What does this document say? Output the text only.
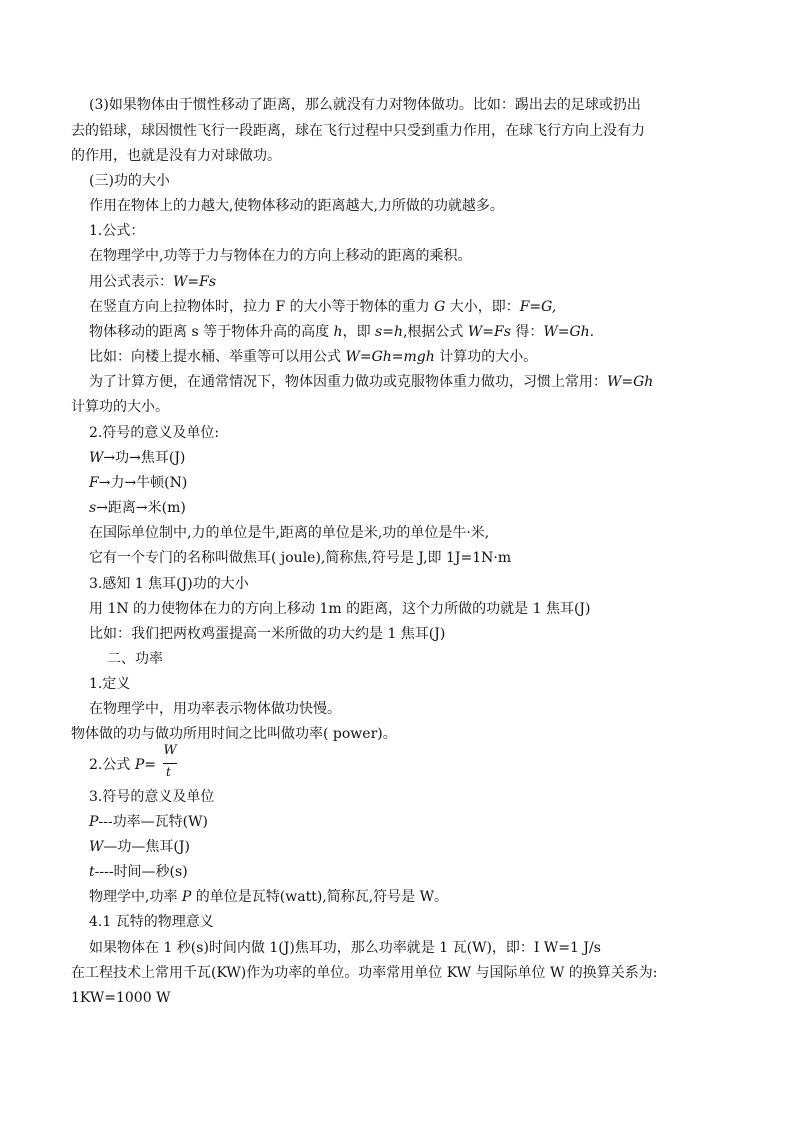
(3)如果物体由于惯性移动了距离，那么就没有力对物体做功。比如：踢出去的足球或扔出
去的铅球，球因惯性飞行一段距离，球在飞行过程中只受到重力作用，在球飞行方向上没有力
的作用，也就是没有力对球做功。
(三)功的大小
作用在物体上的力越大,使物体移动的距离越大,力所做的功就越多。
1.公式：
在物理学中,功等于力与物体在力的方向上移动的距离的乘积。
用公式表示：W=Fs
在竖直方向上拉物体时，拉力 F 的大小等于物体的重力 G 大小，即：F=G,
物体移动的距离 s 等于物体升高的高度 h，即 s=h,根据公式 W=Fs 得：W=Gh.
比如：向楼上提水桶、举重等可以用公式 W=Gh=mgh 计算功的大小。
为了计算方便，在通常情况下，物体因重力做功或克服物体重力做功，习惯上常用：W=Gh
计算功的大小。
2.符号的意义及单位:
W→功→焦耳(J)
F→力→牛顿(N)
s→距离→米(m)
在国际单位制中,力的单位是牛,距离的单位是米,功的单位是牛·米,
它有一个专门的名称叫做焦耳( joule),简称焦,符号是 J,即 1J=1N·m
3.感知 1 焦耳(J)功的大小
用 1N 的力使物体在力的方向上移动 1m 的距离，这个力所做的功就是 1 焦耳(J)
比如：我们把两枚鸡蛋提高一米所做的功大约是 1 焦耳(J)
二、功率
1.定义
在物理学中，用功率表示物体做功快慢。
物体做的功与做功所用时间之比叫做功率( power)。
2.公式 P=
W
t
3.符号的意义及单位
P---功率—瓦特(W)
W—功—焦耳(J)
t----时间—秒(s)
物理学中,功率 P 的单位是瓦特(watt),简称瓦,符号是 W。
4.1 瓦特的物理意义
如果物体在 1 秒(s)时间内做 1(J)焦耳功，那么功率就是 1 瓦(W)，即：I W=1 J/s
在工程技术上常用千瓦(KW)作为功率的单位。功率常用单位 KW 与国际单位 W 的换算关系为:
1KW=1000 W
